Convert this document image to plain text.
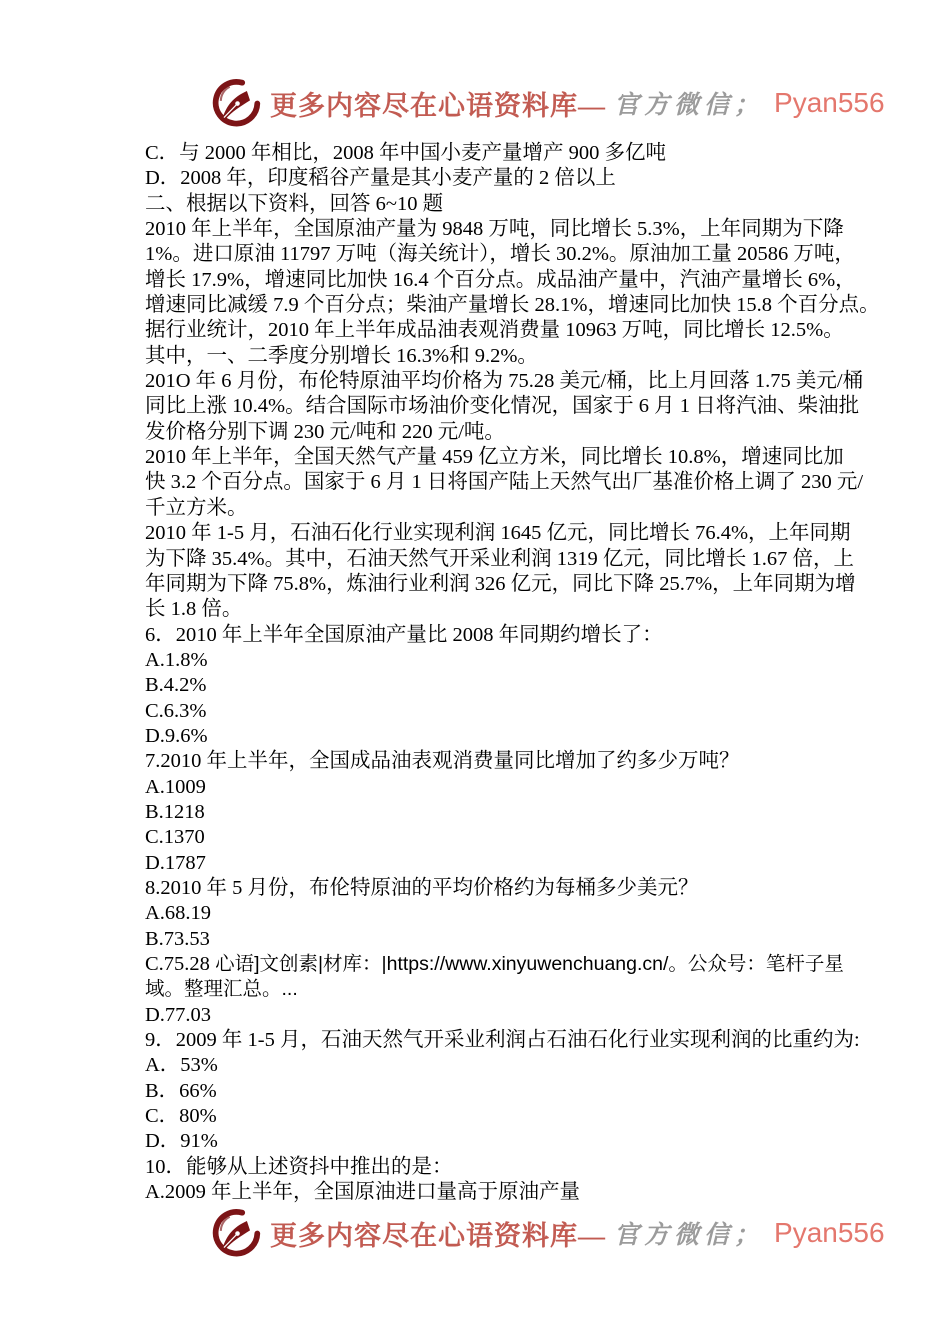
更多内容尽在心语资料库— 官方微信； Pyan556
C．与 2000 年相比，2008 年中国小麦产量增产 900 多亿吨
D．2008 年，印度稻谷产量是其小麦产量的 2 倍以上
二、根据以下资料，回答 6~10 题
2010 年上半年，全国原油产量为 9848 万吨，同比增长 5.3%，上年同期为下降
1%。进口原油 11797 万吨（海关统计），增长 30.2%。原油加工量 20586 万吨，
增长 17.9%，增速同比加快 16.4 个百分点。成品油产量中，汽油产量增长 6%，
增速同比减缓 7.9 个百分点；柴油产量增长 28.1%，增速同比加快 15.8 个百分点。
据行业统计，2010 年上半年成品油表观消费量 10963 万吨，同比增长 12.5%。
其中，一、二季度分别增长 16.3%和 9.2%。
201O 年 6 月份，布伦特原油平均价格为 75.28 美元/桶，比上月回落 1.75 美元/桶
同比上涨 10.4%。结合国际市场油价变化情况，国家于 6 月 1 日将汽油、柴油批
发价格分别下调 230 元/吨和 220 元/吨。
2010 年上半年，全国天然气产量 459 亿立方米，同比增长 10.8%，增速同比加
快 3.2 个百分点。国家于 6 月 1 日将国产陆上天然气出厂基准价格上调了 230 元/
千立方米。
2010 年 1-5 月，石油石化行业实现利润 1645 亿元，同比增长 76.4%，上年同期
为下降 35.4%。其中，石油天然气开采业利润 1319 亿元，同比增长 1.67 倍，上
年同期为下降 75.8%，炼油行业利润 326 亿元，同比下降 25.7%，上年同期为增
长 1.8 倍。
6．2010 年上半年全国原油产量比 2008 年同期约增长了：
A.1.8%
B.4.2%
C.6.3%
D.9.6%
7.2010 年上半年，全国成品油表观消费量同比增加了约多少万吨？
A.1009
B.1218
C.1370
D.1787
8.2010 年 5 月份，布伦特原油的平均价格约为每桶多少美元？
A.68.19
B.73.53
C.75.28 心语]文创素|材库：|https://www.xinyuwenchuang.cn/。公众号：笔杆子星
域。整理汇总。...
D.77.03
9．2009 年 1-5 月，石油天然气开采业利润占石油石化行业实现利润的比重约为:
A．53%
B．66%
C．80%
D．91%
10．能够从上述资抖中推出的是：
A.2009 年上半年，全国原油进口量高于原油产量
更多内容尽在心语资料库— 官方微信； Pyan556
